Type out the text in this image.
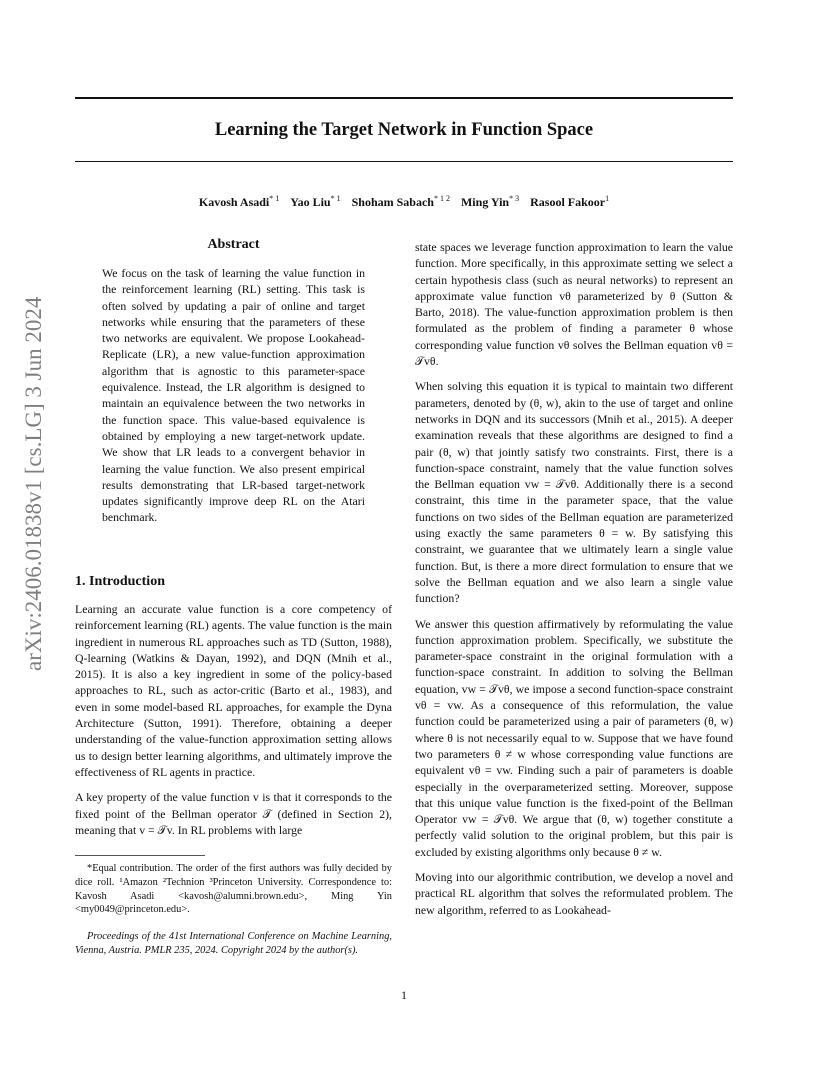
Learning the Target Network in Function Space
Kavosh Asadi$^{* 1}$ Yao Liu$^{* 1}$ Shoham Sabach$^{* 1 2}$ Ming Yin$^{* 3}$ Rasool Fakoor$^1$
arXiv:2406.01838v1 [cs.LG] 3 Jun 2024
Abstract
We focus on the task of learning the value function in the reinforcement learning (RL) setting. This task is often solved by updating a pair of online and target networks while ensuring that the parameters of these two networks are equivalent. We propose Lookahead-Replicate (LR), a new value-function approximation algorithm that is agnostic to this parameter-space equivalence. Instead, the LR algorithm is designed to maintain an equivalence between the two networks in the function space. This value-based equivalence is obtained by employing a new target-network update. We show that LR leads to a convergent behavior in learning the value function. We also present empirical results demonstrating that LR-based target-network updates significantly improve deep RL on the Atari benchmark.
1. Introduction

Learning an accurate value function is a core competency of reinforcement learning (RL) agents. The value function is the main ingredient in numerous RL approaches such as TD (Sutton, 1988), Q-learning (Watkins & Dayan, 1992), and DQN (Mnih et al., 2015). It is also a key ingredient in some of the policy-based approaches to RL, such as actor-critic (Barto et al., 1983), and even in some model-based RL approaches, for example the Dyna Architecture (Sutton, 1991). Therefore, obtaining a deeper understanding of the value-function approximation setting allows us to design better learning algorithms, and ultimately improve the effectiveness of RL agents in practice.

A key property of the value function v is that it corresponds to the fixed point of the Bellman operator 𝒯 (defined in Section 2), meaning that v = 𝒯v. In RL problems with large

*Equal contribution. The order of the first authors was fully decided by dice roll. ¹Amazon ²Technion ³Princeton University. Correspondence to: Kavosh Asadi <kavosh@alumni.brown.edu>, Ming Yin <my0049@princeton.edu>.

Proceedings of the 41st International Conference on Machine Learning, Vienna, Austria. PMLR 235, 2024. Copyright 2024 by the author(s).

state spaces we leverage function approximation to learn the value function. More specifically, in this approximate setting we select a certain hypothesis class (such as neural networks) to represent an approximate value function vθ parameterized by θ (Sutton & Barto, 2018). The value-function approximation problem is then formulated as the problem of finding a parameter θ whose corresponding value function vθ solves the Bellman equation vθ = 𝒯vθ.

When solving this equation it is typical to maintain two different parameters, denoted by (θ, w), akin to the use of target and online networks in DQN and its successors (Mnih et al., 2015). A deeper examination reveals that these algorithms are designed to find a pair (θ, w) that jointly satisfy two constraints. First, there is a function-space constraint, namely that the value function solves the Bellman equation vw = 𝒯vθ. Additionally there is a second constraint, this time in the parameter space, that the value functions on two sides of the Bellman equation are parameterized using exactly the same parameters θ = w. By satisfying this constraint, we guarantee that we ultimately learn a single value function. But, is there a more direct formulation to ensure that we solve the Bellman equation and we also learn a single value function?

We answer this question affirmatively by reformulating the value function approximation problem. Specifically, we substitute the parameter-space constraint in the original formulation with a function-space constraint. In addition to solving the Bellman equation, vw = 𝒯vθ, we impose a second function-space constraint vθ = vw. As a consequence of this reformulation, the value function could be parameterized using a pair of parameters (θ, w) where θ is not necessarily equal to w. Suppose that we have found two parameters θ ≠ w whose corresponding value functions are equivalent vθ = vw. Finding such a pair of parameters is doable especially in the overparameterized setting. Moreover, suppose that this unique value function is the fixed-point of the Bellman Operator vw = 𝒯vθ. We argue that (θ, w) together constitute a perfectly valid solution to the original problem, but this pair is excluded by existing algorithms only because θ ≠ w.

Moving into our algorithmic contribution, we develop a novel and practical RL algorithm that solves the reformulated problem. The new algorithm, referred to as Lookahead-

1
